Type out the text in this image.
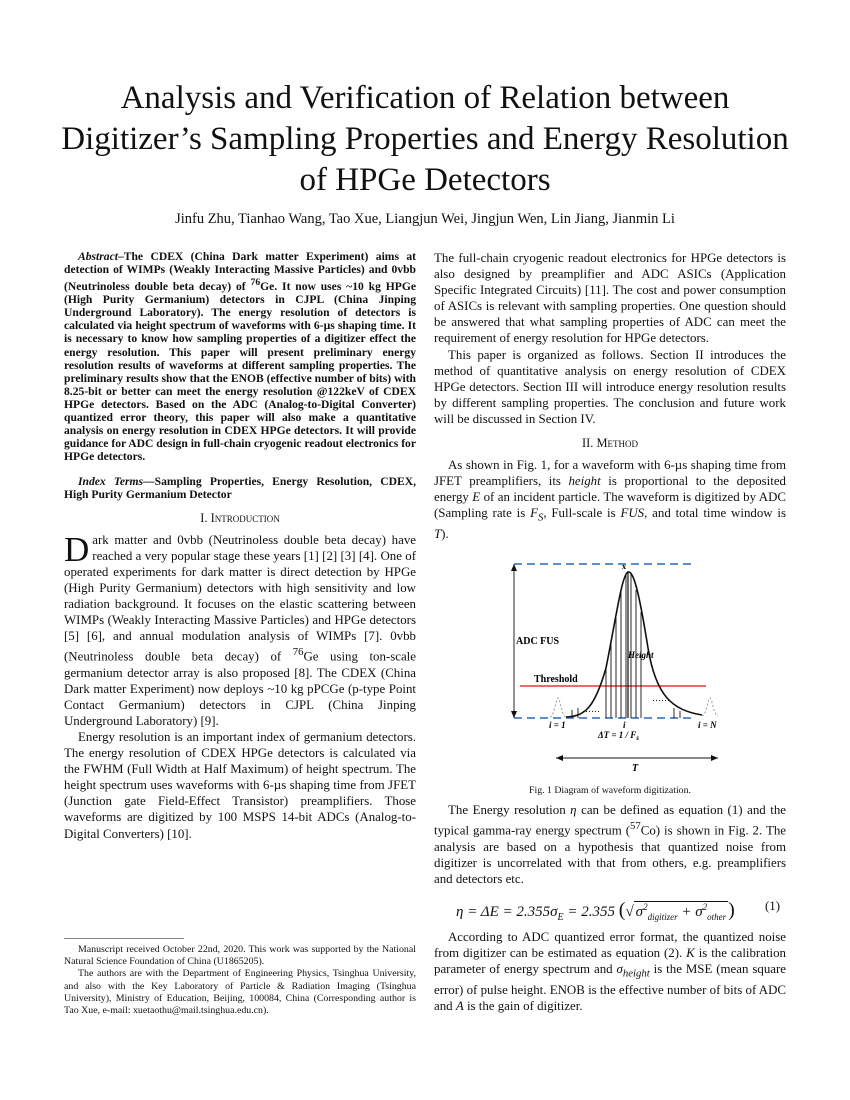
Analysis and Verification of Relation between Digitizer’s Sampling Properties and Energy Resolution of HPGe Detectors

Jinfu Zhu, Tianhao Wang, Tao Xue, Liangjun Wei, Jingjun Wen, Lin Jiang, Jianmin Li

Abstract–The CDEX (China Dark matter Experiment) aims at detection of WIMPs (Weakly Interacting Massive Particles) and 0vbb (Neutrinoless double beta decay) of $^{76}$Ge. It now uses ~10 kg HPGe (High Purity Germanium) detectors in CJPL (China Jinping Underground Laboratory). The energy resolution of detectors is calculated via height spectrum of waveforms with 6-µs shaping time. It is necessary to know how sampling properties of a digitizer effect the energy resolution. This paper will present preliminary energy resolution results of waveforms at different sampling properties. The preliminary results show that the ENOB (effective number of bits) with 8.25-bit or better can meet the energy resolution @122keV of CDEX HPGe detectors. Based on the ADC (Analog-to-Digital Converter) quantized error theory, this paper will also make a quantitative analysis on energy resolution in CDEX HPGe detectors. It will provide guidance for ADC design in full-chain cryogenic readout electronics for HPGe detectors.

Index Terms—Sampling Properties, Energy Resolution, CDEX, High Purity Germanium Detector

I. Introduction

Dark matter and 0vbb (Neutrinoless double beta decay) have reached a very popular stage these years [1] [2] [3] [4]. One of operated experiments for dark matter is direct detection by HPGe (High Purity Germanium) detectors with high sensitivity and low radiation background. It focuses on the elastic scattering between WIMPs (Weakly Interacting Massive Particles) and HPGe detectors [5] [6], and annual modulation analysis of WIMPs [7]. 0vbb (Neutrinoless double beta decay) of $^{76}$Ge using ton-scale germanium detector array is also proposed [8]. The CDEX (China Dark matter Experiment) now deploys ~10 kg pPCGe (p-type Point Contact Germanium) detectors in CJPL (China Jinping Underground Laboratory) [9].

Energy resolution is an important index of germanium detectors. The energy resolution of CDEX HPGe detectors is calculated via the FWHM (Full Width at Half Maximum) of height spectrum. The height spectrum uses waveforms with 6-µs shaping time from JFET (Junction gate Field-Effect Transistor) preamplifiers. Those waveforms are digitized by 100 MSPS 14-bit ADCs (Analog-to-Digital Converters) [10].

Manuscript received October 22nd, 2020. This work was supported by the National Natural Science Foundation of China (U1865205).

The authors are with the Department of Engineering Physics, Tsinghua University, and also with the Key Laboratory of Particle & Radiation Imaging (Tsinghua University), Ministry of Education, Beijing, 100084, China (Corresponding author is Tao Xue, e-mail: xuetaothu@mail.tsinghua.edu.cn).

The full-chain cryogenic readout electronics for HPGe detectors is also designed by preamplifier and ADC ASICs (Application Specific Integrated Circuits) [11]. The cost and power consumption of ASICs is relevant with sampling properties. One question should be answered that what sampling properties of ADC can meet the requirement of energy resolution for HPGe detectors.

This paper is organized as follows. Section II introduces the method of quantitative analysis on energy resolution of CDEX HPGe detectors. Section III will introduce energy resolution results by different sampling properties. The conclusion and future work will be discussed in Section IV.

II. Method

As shown in Fig. 1, for a waveform with 6-µs shaping time from JFET preamplifiers, its height is proportional to the deposited energy E of an incident particle. The waveform is digitized by ADC (Sampling rate is $F_S$, Full-scale is FUS, and total time window is T).

ADC FUS
Threshold
Height
x
……
……
i = 1	i = N
i
$\Delta T = 1 / F_s$
T

Fig. 1 Diagram of waveform digitization.

The Energy resolution η can be defined as equation (1) and the typical gamma-ray energy spectrum ($^{57}$Co) is shown in Fig. 2. The analysis are based on a hypothesis that quantized noise from digitizer is uncorrelated with that from others, e.g. preamplifiers and detectors etc.

$\eta = \Delta E = 2.355\sigma_E = 2.355$ (√ $\sigma^2_{digitizer} + \sigma^2_{other}$ ) (1)

According to ADC quantized error format, the quantized noise from digitizer can be estimated as equation (2). K is the calibration parameter of energy spectrum and $\sigma_{height}$ is the MSE (mean square error) of pulse height. ENOB is the effective number of bits of ADC and A is the gain of digitizer.
